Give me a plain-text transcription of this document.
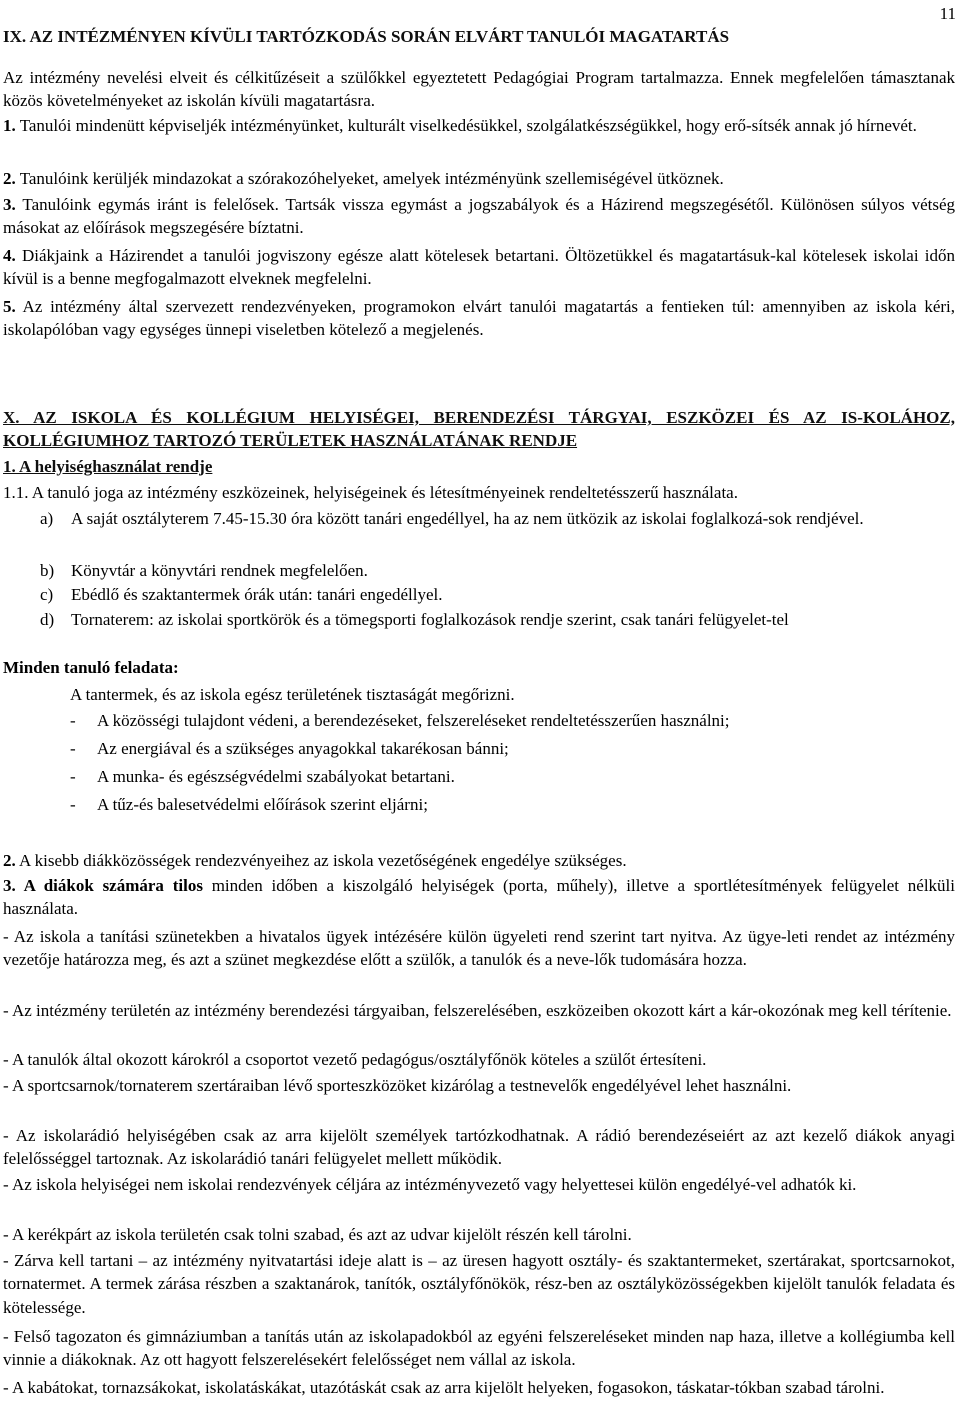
11

IX. AZ INTÉZMÉNYEN KÍVÜLI TARTÓZKODÁS SORÁN ELVÁRT TANULÓI MAGATARTÁS

Az intézmény nevelési elveit és célkitűzéseit a szülőkkel egyeztetett Pedagógiai Program tartalmazza. Ennek megfelelően támasztanak közös követelményeket az iskolán kívüli magatartásra.

1. Tanulói mindenütt képviseljék intézményünket, kulturált viselkedésükkel, szolgálatkészségükkel, hogy erő-sítsék annak jó hírnevét.

2. Tanulóink kerüljék mindazokat a szórakozóhelyeket, amelyek intézményünk szellemiségével ütköznek.

3. Tanulóink egymás iránt is felelősek. Tartsák vissza egymást a jogszabályok és a Házirend megszegésétől. Különösen súlyos vétség másokat az előírások megszegésére bíztatni.

4. Diákjaink a Házirendet a tanulói jogviszony egésze alatt kötelesek betartani. Öltözetükkel és magatartásuk-kal kötelesek iskolai időn kívül is a benne megfogalmazott elveknek megfelelni.

5. Az intézmény által szervezett rendezvényeken, programokon elvárt tanulói magatartás a fentieken túl: amennyiben az iskola kéri, iskolapólóban vagy egységes ünnepi viseletben kötelező a megjelenés.

X. AZ ISKOLA ÉS KOLLÉGIUM HELYISÉGEI, BERENDEZÉSI TÁRGYAI, ESZKÖZEI ÉS AZ IS-KOLÁHOZ, KOLLÉGIUMHOZ TARTOZÓ TERÜLETEK HASZNÁLATÁNAK RENDJE

1. A helyiséghasználat rendje

1.1. A tanuló joga az intézmény eszközeinek, helyiségeinek és létesítményeinek rendeltetésszerű használata.

a) A saját osztályterem 7.45-15.30 óra között tanári engedéllyel, ha az nem ütközik az iskolai foglalkozá-sok rendjével.
b) Könyvtár a könyvtári rendnek megfelelően.
c) Ebédlő és szaktantermek órák után: tanári engedéllyel.
d) Tornaterem: az iskolai sportkörök és a tömegsporti foglalkozások rendje szerint, csak tanári felügyelet-tel

Minden tanuló feladata:

A tantermek, és az iskola egész területének tisztaságát megőrizni.

- A közösségi tulajdont védeni, a berendezéseket, felszereléseket rendeltetésszerűen használni;

- Az energiával és a szükséges anyagokkal takarékosan bánni;

- A munka- és egészségvédelmi szabályokat betartani.

- A tűz-és balesetvédelmi előírások szerint eljárni;

2. A kisebb diákközösségek rendezvényeihez az iskola vezetőségének engedélye szükséges.

3. A diákok számára tilos minden időben a kiszolgáló helyiségek (porta, műhely), illetve a sportlétesítmények felügyelet nélküli használata.

- Az iskola a tanítási szünetekben a hivatalos ügyek intézésére külön ügyeleti rend szerint tart nyitva. Az ügye-leti rendet az intézmény vezetője határozza meg, és azt a szünet megkezdése előtt a szülők, a tanulók és a neve-lők tudomására hozza.

- Az intézmény területén az intézmény berendezési tárgyaiban, felszerelésében, eszközeiben okozott kárt a kár-okozónak meg kell térítenie.

- A tanulók által okozott károkról a csoportot vezető pedagógus/osztályfőnök köteles a szülőt értesíteni.

- A sportcsarnok/tornaterem szertáraiban lévő sporteszközöket kizárólag a testnevelők engedélyével lehet használni.

- Az iskolarádió helyiségében csak az arra kijelölt személyek tartózkodhatnak. A rádió berendezéseiért az azt kezelő diákok anyagi felelősséggel tartoznak. Az iskolarádió tanári felügyelet mellett működik.

- Az iskola helyiségei nem iskolai rendezvények céljára az intézményvezető vagy helyettesei külön engedélyé-vel adhatók ki.

- A kerékpárt az iskola területén csak tolni szabad, és azt az udvar kijelölt részén kell tárolni.

- Zárva kell tartani – az intézmény nyitvatartási ideje alatt is – az üresen hagyott osztály- és szaktantermeket, szertárakat, sportcsarnokot, tornatermet. A termek zárása részben a szaktanárok, tanítók, osztályfőnökök, rész-ben az osztályközösségekben kijelölt tanulók feladata és kötelessége.

- Felső tagozaton és gimnáziumban a tanítás után az iskolapadokból az egyéni felszereléseket minden nap haza, illetve a kollégiumba kell vinnie a diákoknak. Az ott hagyott felszerelésekért felelősséget nem vállal az iskola.

- A kabátokat, tornazsákokat, iskolatáskákat, utazótáskát csak az arra kijelölt helyeken, fogasokon, táskatar-tókban szabad tárolni.
